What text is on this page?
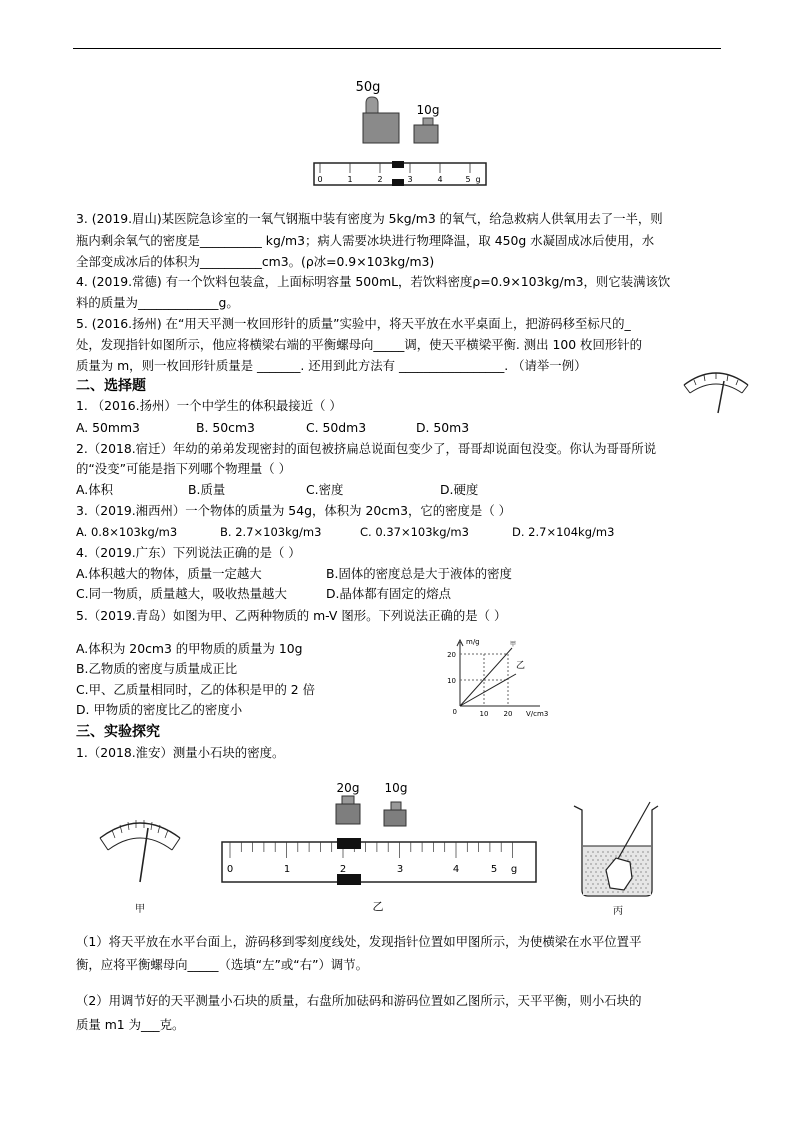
50g
10g
0	1	2	3	4	5 g
3. (2019.眉山)某医院急诊室的一氧气钢瓶中装有密度为 5kg/m3 的氧气，给急救病人供氧用去了一半，则
瓶内剩余氧气的密度是__________ kg/m3；病人需要冰块进行物理降温，取 450g 水凝固成冰后使用，水
全部变成冰后的体积为__________cm3。(ρ冰=0.9×103kg/m3)
4. (2019.常德) 有一个饮料包装盒，上面标明容量 500mL，若饮料密度ρ=0.9×103kg/m3，则它装满该饮
料的质量为_____________g。
5. (2016.扬州) 在“用天平测一枚回形针的质量”实验中，将天平放在水平桌面上，把游码移至标尺的_
处，发现指针如图所示，他应将横梁右端的平衡螺母向_____调，使天平横梁平衡. 测出 100 枚回形针的
质量为 m，则一枚回形针质量是 _______. 还用到此方法有 _________________. （请举一例）
二、选择题
1. （2016.扬州）一个中学生的体积最接近（ ）
A. 50mm3	B. 50cm3	C. 50dm3	D. 50m3
2.（2018.宿迁）年幼的弟弟发现密封的面包被挤扁总说面包变少了，哥哥却说面包没变。你认为哥哥所说
的“没变”可能是指下列哪个物理量（ ）
A.体积	B.质量	C.密度	D.硬度
3.（2019.湘西州）一个物体的质量为 54g，体积为 20cm3，它的密度是（ ）
A. 0.8×103kg/m3	B. 2.7×103kg/m3	C. 0.37×103kg/m3	D. 2.7×104kg/m3
4.（2019.广东）下列说法正确的是（ ）
A.体积越大的物体，质量一定越大	B.固体的密度总是大于液体的密度
C.同一物质，质量越大，吸收热量越大	D.晶体都有固定的熔点
5.（2019.青岛）如图为甲、乙两种物质的 m-V 图形。下列说法正确的是（ ）
A.体积为 20cm3 的甲物质的质量为 10g
B.乙物质的密度与质量成正比
C.甲、乙质量相同时，乙的体积是甲的 2 倍
D. 甲物质的密度比乙的密度小
m/g
V/cm3
20
10
0	10 20
甲
乙
三、实验探究
1.（2018.淮安）测量小石块的密度。
甲
20g 10g
0	1	2	3	4	5 g
乙	丙
（1）将天平放在水平台面上，游码移到零刻度线处，发现指针位置如甲图所示，为使横梁在水平位置平
衡，应将平衡螺母向_____（选填“左”或“右”）调节。
（2）用调节好的天平测量小石块的质量，右盘所加砝码和游码位置如乙图所示，天平平衡，则小石块的
质量 m1 为___克。
